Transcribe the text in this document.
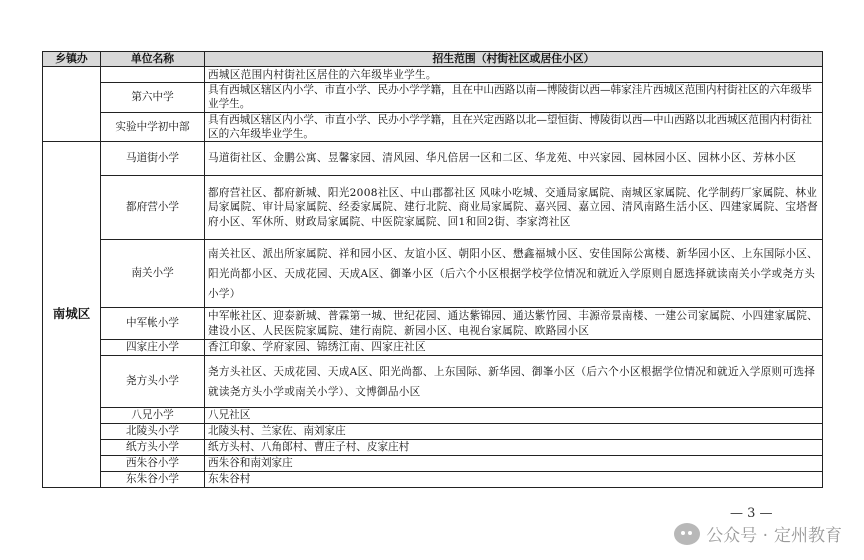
乡镇办	单位名称	招生范围（村街社区或居住小区）
		西城区范围内村街社区居住的六年级毕业学生。
	第六中学	具有西城区辖区内小学、市直小学、民办小学学籍，且在中山西路以南—博陵街以西—韩家洼片西城区范围内村街社区的六年级毕业学生。
	实验中学初中部	具有西城区辖区内小学、市直小学、民办小学学籍，且在兴定西路以北—望恒街、博陵街以西—中山西路以北西城区范围内村街社区的六年级毕业学生。
南城区	马道街小学	马道街社区、金鹏公寓、昱馨家园、清风园、华凡倍居一区和二区、华龙苑、中兴家园、园林园小区、园林小区、芳林小区
	都府营小学	都府营社区、都府新城、阳光2008社区、中山郡都社区 风味小吃城、交通局家属院、南城区家属院、化学制药厂家属院、林业局家属院、审计局家属院、经委家属院、建行北院、商业局家属院、嘉兴园、嘉立园、清风南路生活小区、四建家属院、宝塔督府小区、军休所、财政局家属院、中医院家属院、回1和回2街、李家湾社区
	南关小学	南关社区、派出所家属院、祥和园小区、友谊小区、朝阳小区、懋鑫福城小区、安佳国际公寓楼、新华园小区、上东国际小区、阳光尚都小区、天成花园、天成A区、御峯小区（后六个小区根据学校学位情况和就近入学原则自愿选择就读南关小学或尧方头小学）
	中军帐小学	中军帐社区、迎泰新城、普霖第一城、世纪花园、通达紫锦园、通达紫竹园、丰源帝景南楼、一建公司家属院、小四建家属院、建设小区、人民医院家属院、建行南院、新园小区、电视台家属院、欧路园小区
	四家庄小学	香江印象、学府家园、锦绣江南、四家庄社区
	尧方头小学	尧方头社区、天成花园、天成A区、阳光尚都、上东国际、新华园、御峯小区（后六个小区根据学位情况和就近入学原则可选择就读尧方头小学或南关小学）、文博御品小区
	八兄小学	八兄社区
	北陵头小学	北陵头村、兰家佐、南刘家庄
	纸方头小学	纸方头村、八角郎村、曹庄子村、皮家庄村
	西朱谷小学	西朱谷和南刘家庄
	东朱谷小学	东朱谷村
— 3 —
公众号 · 定州教育
